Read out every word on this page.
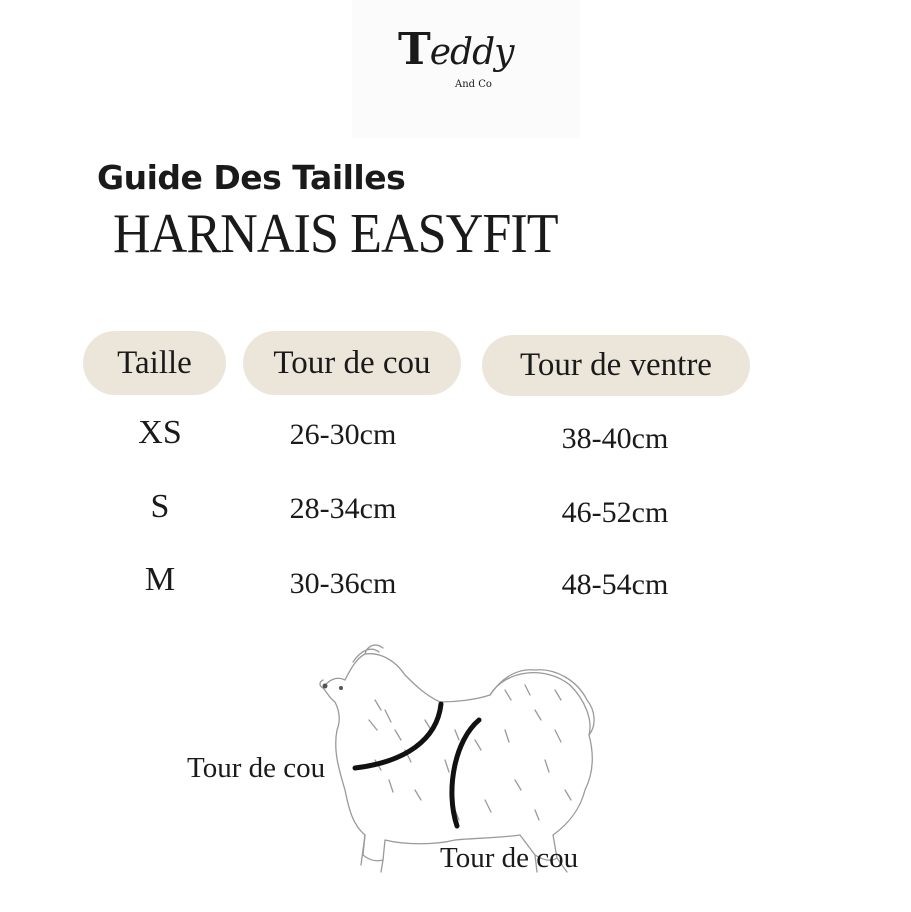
Teddy
And Co
Guide Des Tailles
HARNAIS EASYFIT
Taille	Tour de cou	Tour de ventre
XS	26-30cm	38-40cm
S	28-34cm	46-52cm
M	30-36cm	48-54cm
Tour de cou
Tour de cou
